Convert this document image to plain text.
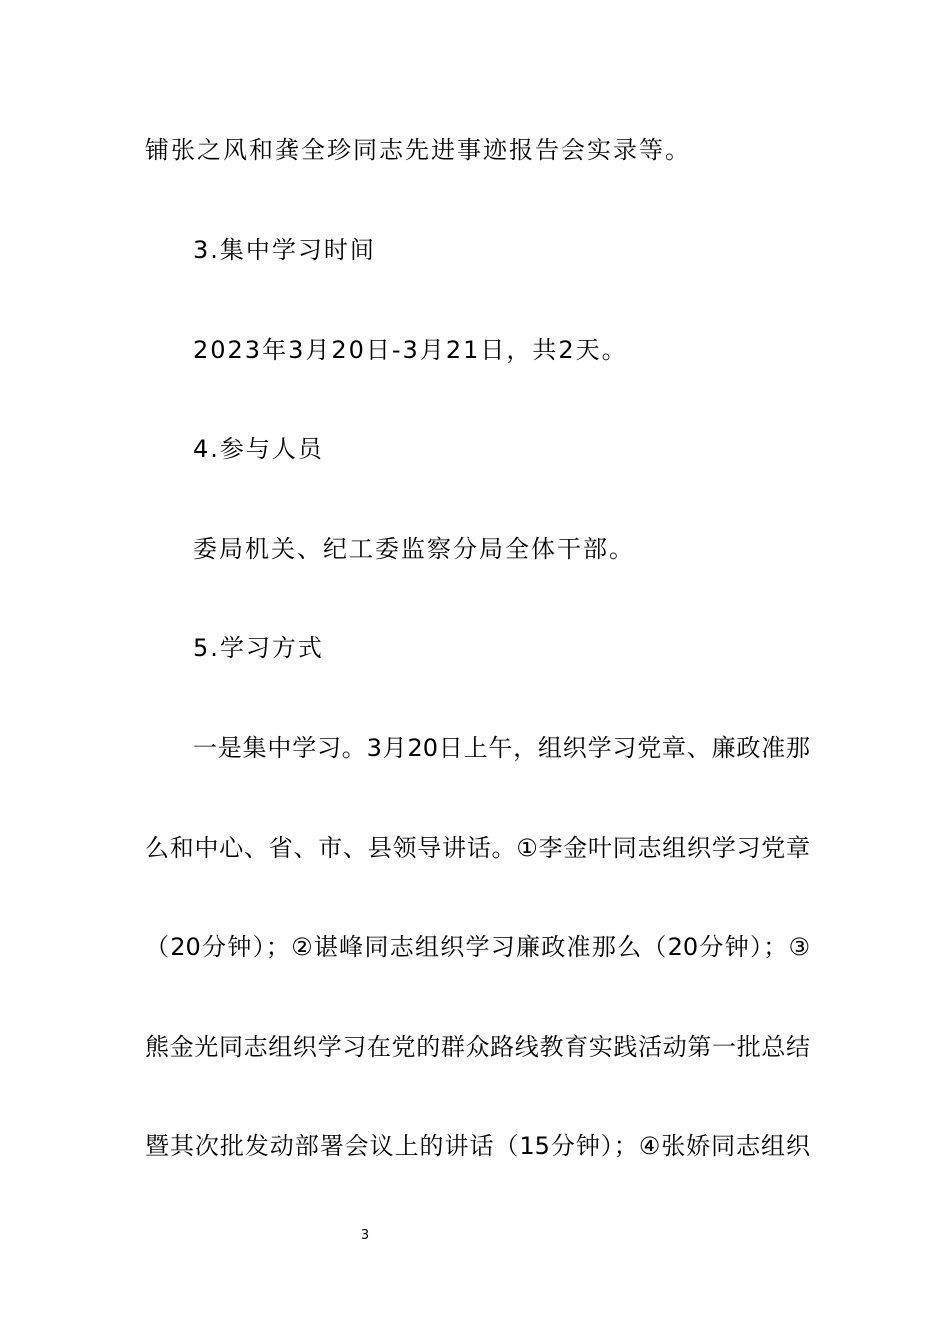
铺张之风和龚全珍同志先进事迹报告会实录等。
3.集中学习时间
2023年3月20日-3月21日，共2天。
4.参与人员
委局机关、纪工委监察分局全体干部。
5.学习方式
一是集中学习。3月20日上午，组织学习党章、廉政准那
么和中心、省、市、县领导讲话。①李金叶同志组织学习党章
（20分钟）；②谌峰同志组织学习廉政准那么（20分钟）；③
熊金光同志组织学习在党的群众路线教育实践活动第一批总结
暨其次批发动部署会议上的讲话（15分钟）；④张娇同志组织
3
